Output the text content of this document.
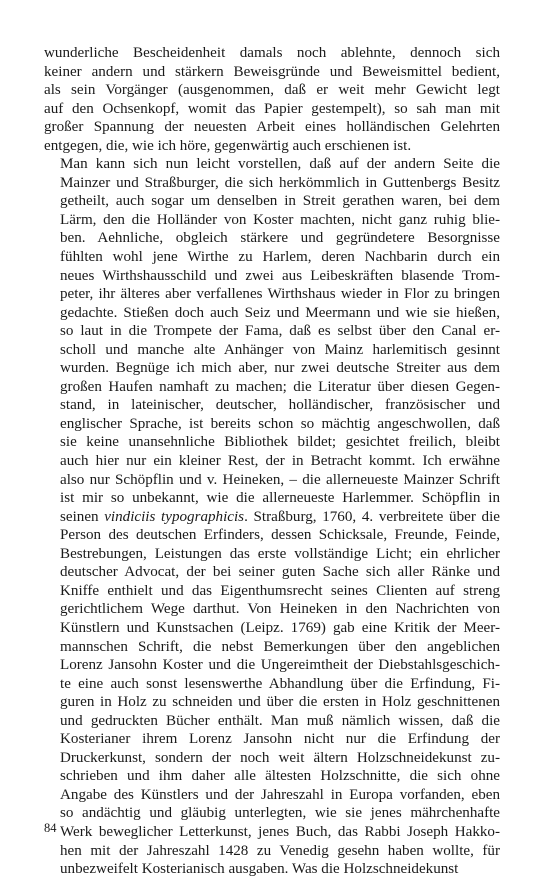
wunderliche Bescheidenheit damals noch ablehnte, dennoch sich
keiner andern und stärkern Beweisgründe und Beweismittel bedient,
als sein Vorgänger (ausgenommen, daß er weit mehr Gewicht legt
auf den Ochsenkopf, womit das Papier gestempelt), so sah man mit
großer Spannung der neuesten Arbeit eines holländischen Gelehrten
entgegen, die, wie ich höre, gegenwärtig auch erschienen ist.

Man kann sich nun leicht vorstellen, daß auf der andern Seite die
Mainzer und Straßburger, die sich herkömmlich in Guttenbergs Besitz
getheilt, auch sogar um denselben in Streit gerathen waren, bei dem
Lärm, den die Holländer von Koster machten, nicht ganz ruhig blie-
ben. Aehnliche, obgleich stärkere und gegründetere Besorgnisse
fühlten wohl jene Wirthe zu Harlem, deren Nachbarin durch ein
neues Wirthshausschild und zwei aus Leibeskräften blasende Trom-
peter, ihr älteres aber verfallenes Wirthshaus wieder in Flor zu bringen
gedachte. Stießen doch auch Seiz und Meermann und wie sie hießen,
so laut in die Trompete der Fama, daß es selbst über den Canal er-
scholl und manche alte Anhänger von Mainz harlemitisch gesinnt
wurden. Begnüge ich mich aber, nur zwei deutsche Streiter aus dem
großen Haufen namhaft zu machen; die Literatur über diesen Gegen-
stand, in lateinischer, deutscher, holländischer, französischer und
englischer Sprache, ist bereits schon so mächtig angeschwollen, daß
sie keine unansehnliche Bibliothek bildet; gesichtet freilich, bleibt
auch hier nur ein kleiner Rest, der in Betracht kommt. Ich erwähne
also nur Schöpflin und v. Heineken, – die allerneueste Mainzer Schrift
ist mir so unbekannt, wie die allerneueste Harlemmer. Schöpflin in
seinen vindiciis typographicis. Straßburg, 1760, 4. verbreitete über die
Person des deutschen Erfinders, dessen Schicksale, Freunde, Feinde,
Bestrebungen, Leistungen das erste vollständige Licht; ein ehrlicher
deutscher Advocat, der bei seiner guten Sache sich aller Ränke und
Kniffe enthielt und das Eigenthumsrecht seines Clienten auf streng
gerichtlichem Wege darthut. Von Heineken in den Nachrichten von
Künstlern und Kunstsachen (Leipz. 1769) gab eine Kritik der Meer-
mannschen Schrift, die nebst Bemerkungen über den angeblichen
Lorenz Jansohn Koster und die Ungereimtheit der Diebstahlsgeschich-
te eine auch sonst lesenswerthe Abhandlung über die Erfindung, Fi-
guren in Holz zu schneiden und über die ersten in Holz geschnittenen
und gedruckten Bücher enthält. Man muß nämlich wissen, daß die
Kosterianer ihrem Lorenz Jansohn nicht nur die Erfindung der
Druckerkunst, sondern der noch weit ältern Holzschneidekunst zu-
schrieben und ihm daher alle ältesten Holzschnitte, die sich ohne
Angabe des Künstlers und der Jahreszahl in Europa vorfanden, eben
so andächtig und gläubig unterlegten, wie sie jenes mährchenhafte
Werk beweglicher Letterkunst, jenes Buch, das Rabbi Joseph Hakko-
hen mit der Jahreszahl 1428 zu Venedig gesehn haben wollte, für
unbezweifelt Kosterianisch ausgaben. Was die Holzschneidekunst

84
